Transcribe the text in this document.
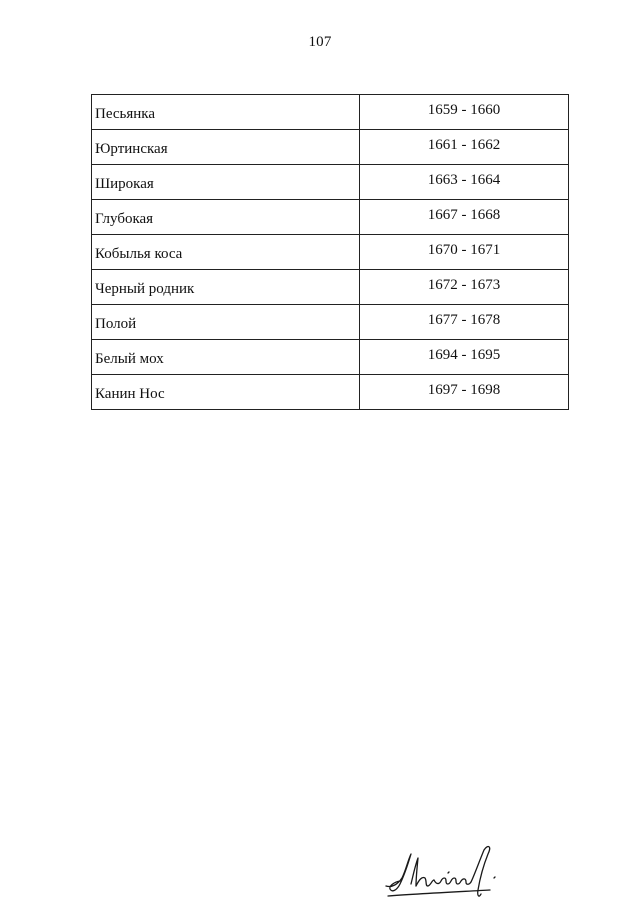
107
Песьянка	1659 - 1660
Юртинская	1661 - 1662
Широкая	1663 - 1664
Глубокая	1667 - 1668
Кобылья коса	1670 - 1671
Черный родник	1672 - 1673
Полой	1677 - 1678
Белый мох	1694 - 1695
Канин Нос	1697 - 1698
